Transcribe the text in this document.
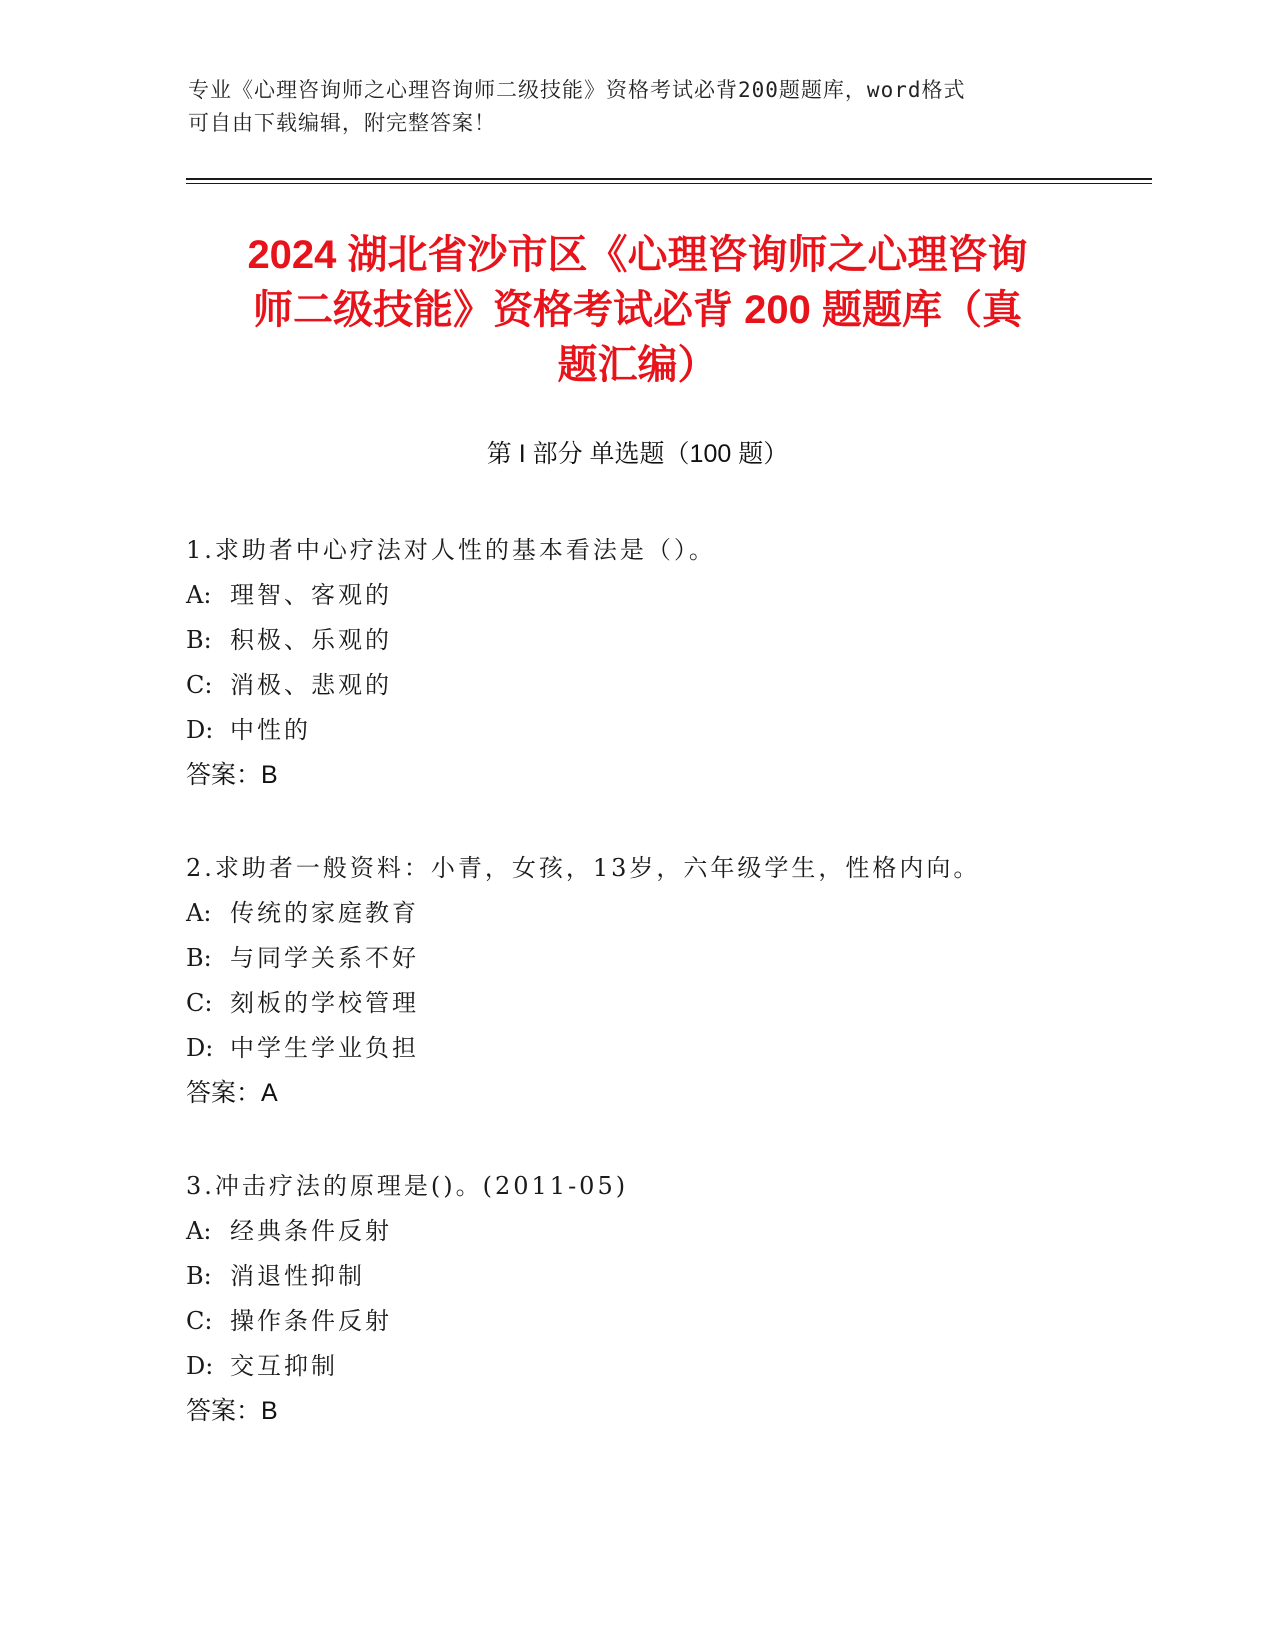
专业《心理咨询师之心理咨询师二级技能》资格考试必背200题题库，word格式
可自由下载编辑，附完整答案！
2024 湖北省沙市区《心理咨询师之心理咨询
师二级技能》资格考试必背 200 题题库（真
题汇编）
第 I 部分 单选题（100 题）
1.求助者中心疗法对人性的基本看法是（）。
A: 理智、客观的
B: 积极、乐观的
C: 消极、悲观的
D: 中性的
答案：B
2.求助者一般资料：小青，女孩，13岁，六年级学生，性格内向。
A: 传统的家庭教育
B: 与同学关系不好
C: 刻板的学校管理
D: 中学生学业负担
答案：A
3.冲击疗法的原理是()。(2011-05)
A: 经典条件反射
B: 消退性抑制
C: 操作条件反射
D: 交互抑制
答案：B
